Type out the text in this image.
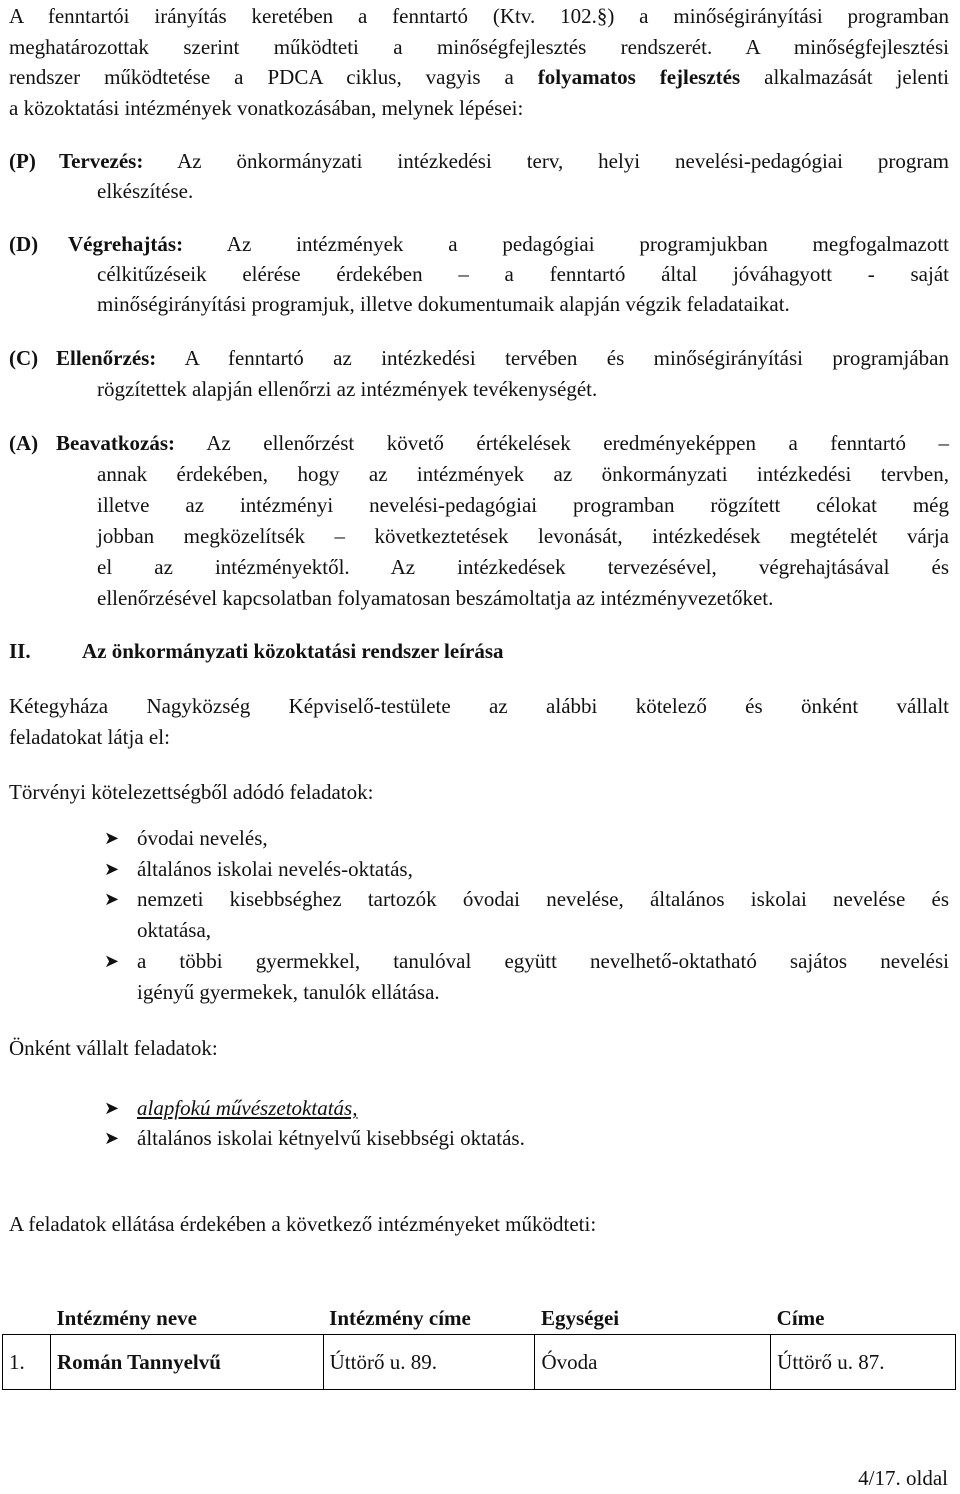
A fenntartói irányítás keretében a fenntartó (Ktv. 102.§) a minőségirányítási programban
meghatározottak szerint működteti a minőségfejlesztés rendszerét. A minőségfejlesztési
rendszer működtetése a PDCA ciklus, vagyis a folyamatos fejlesztés alkalmazását jelenti
a közoktatási intézmények vonatkozásában, melynek lépései:
(P) Tervezés: Az önkormányzati intézkedési terv, helyi nevelési-pedagógiai program
elkészítése.
(D) Végrehajtás: Az intézmények a pedagógiai programjukban megfogalmazott
célkitűzéseik elérése érdekében – a fenntartó által jóváhagyott - saját
minőségirányítási programjuk, illetve dokumentumaik alapján végzik feladataikat.
(C) Ellenőrzés: A fenntartó az intézkedési tervében és minőségirányítási programjában
rögzítettek alapján ellenőrzi az intézmények tevékenységét.
(A) Beavatkozás: Az ellenőrzést követő értékelések eredményeképpen a fenntartó –
annak érdekében, hogy az intézmények az önkormányzati intézkedési tervben,
illetve az intézményi nevelési-pedagógiai programban rögzített célokat még
jobban megközelítsék – következtetések levonását, intézkedések megtételét várja
el az intézményektől. Az intézkedések tervezésével, végrehajtásával és
ellenőrzésével kapcsolatban folyamatosan beszámoltatja az intézményvezetőket.
II.	Az önkormányzati közoktatási rendszer leírása
Kétegyháza Nagyközség Képviselő-testülete az alábbi kötelező és önként vállalt
feladatokat látja el:
Törvényi kötelezettségből adódó feladatok:
➤ óvodai nevelés,
➤ általános iskolai nevelés-oktatás,
➤ nemzeti kisebbséghez tartozók óvodai nevelése, általános iskolai nevelése és
oktatása,
➤ a többi gyermekkel, tanulóval együtt nevelhető-oktatható sajátos nevelési
igényű gyermekek, tanulók ellátása.
Önként vállalt feladatok:
➤ alapfokú művészetoktatás,
➤ általános iskolai kétnyelvű kisebbségi oktatás.
A feladatok ellátása érdekében a következő intézményeket működteti:
	Intézmény neve	Intézmény címe	Egységei	Címe
1.	Román Tannyelvű	Úttörő u. 89.	Óvoda	Úttörő u. 87.
4/17. oldal
